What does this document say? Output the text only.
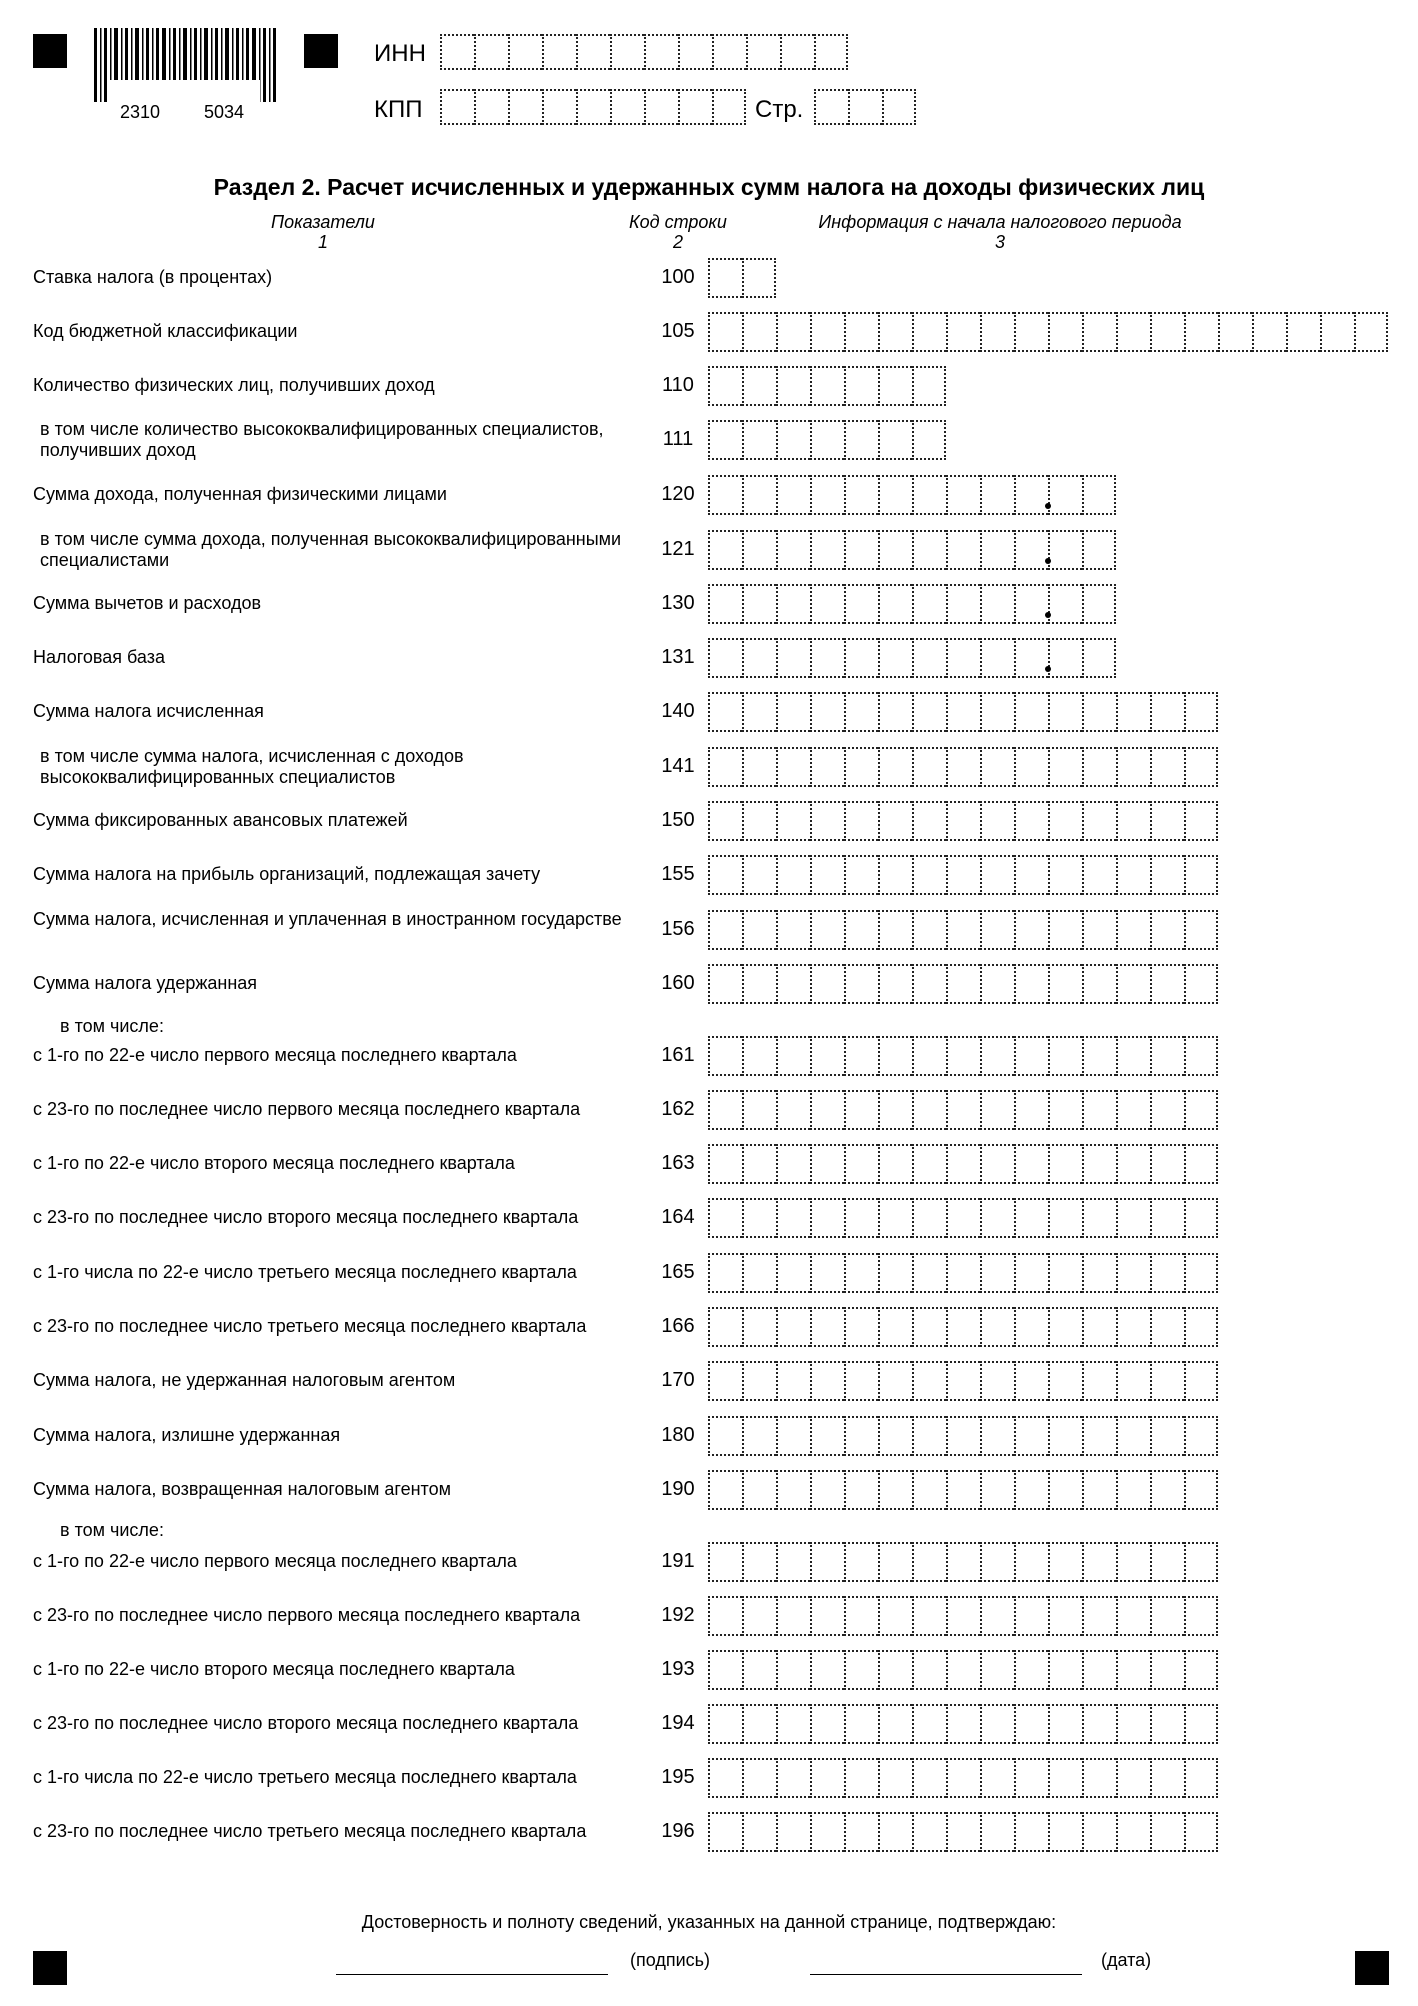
2310 5034
ИНН
КПП	Стр.
Раздел 2. Расчет исчисленных и удержанных сумм налога на доходы физических лиц
Показатели
1
Код строки
2
Информация с начала налогового периода
3
Ставка налога (в процентах)	100
Код бюджетной классификации	105
Количество физических лиц, получивших доход	110
в том числе количество высококвалифицированных специалистов, получивших доход	111
Сумма дохода, полученная физическими лицами	120
в том числе сумма дохода, полученная высококвалифицированными специалистами	121
Сумма вычетов и расходов	130
Налоговая база	131
Сумма налога исчисленная	140
в том числе сумма налога, исчисленная с доходов высококвалифицированных специалистов	141
Сумма фиксированных авансовых платежей	150
Сумма налога на прибыль организаций, подлежащая зачету	155
Сумма налога, исчисленная и уплаченная в иностранном государстве	156
Сумма налога удержанная	160
с 1-го по 22-е число первого месяца последнего квартала	161
с 23-го по последнее число первого месяца последнего квартала	162
с 1-го по 22-е число второго месяца последнего квартала	163
с 23-го по последнее число второго месяца последнего квартала	164
с 1-го числа по 22-е число третьего месяца последнего квартала	165
с 23-го по последнее число третьего месяца последнего квартала	166
Сумма налога, не удержанная налоговым агентом	170
Сумма налога, излишне удержанная	180
Сумма налога, возвращенная налоговым агентом	190
с 1-го по 22-е число первого месяца последнего квартала	191
с 23-го по последнее число первого месяца последнего квартала	192
с 1-го по 22-е число второго месяца последнего квартала	193
с 23-го по последнее число второго месяца последнего квартала	194
с 1-го числа по 22-е число третьего месяца последнего квартала	195
с 23-го по последнее число третьего месяца последнего квартала	196
в том числе:
в том числе:
Достоверность и полноту сведений, указанных на данной странице, подтверждаю:
(подпись)	(дата)
